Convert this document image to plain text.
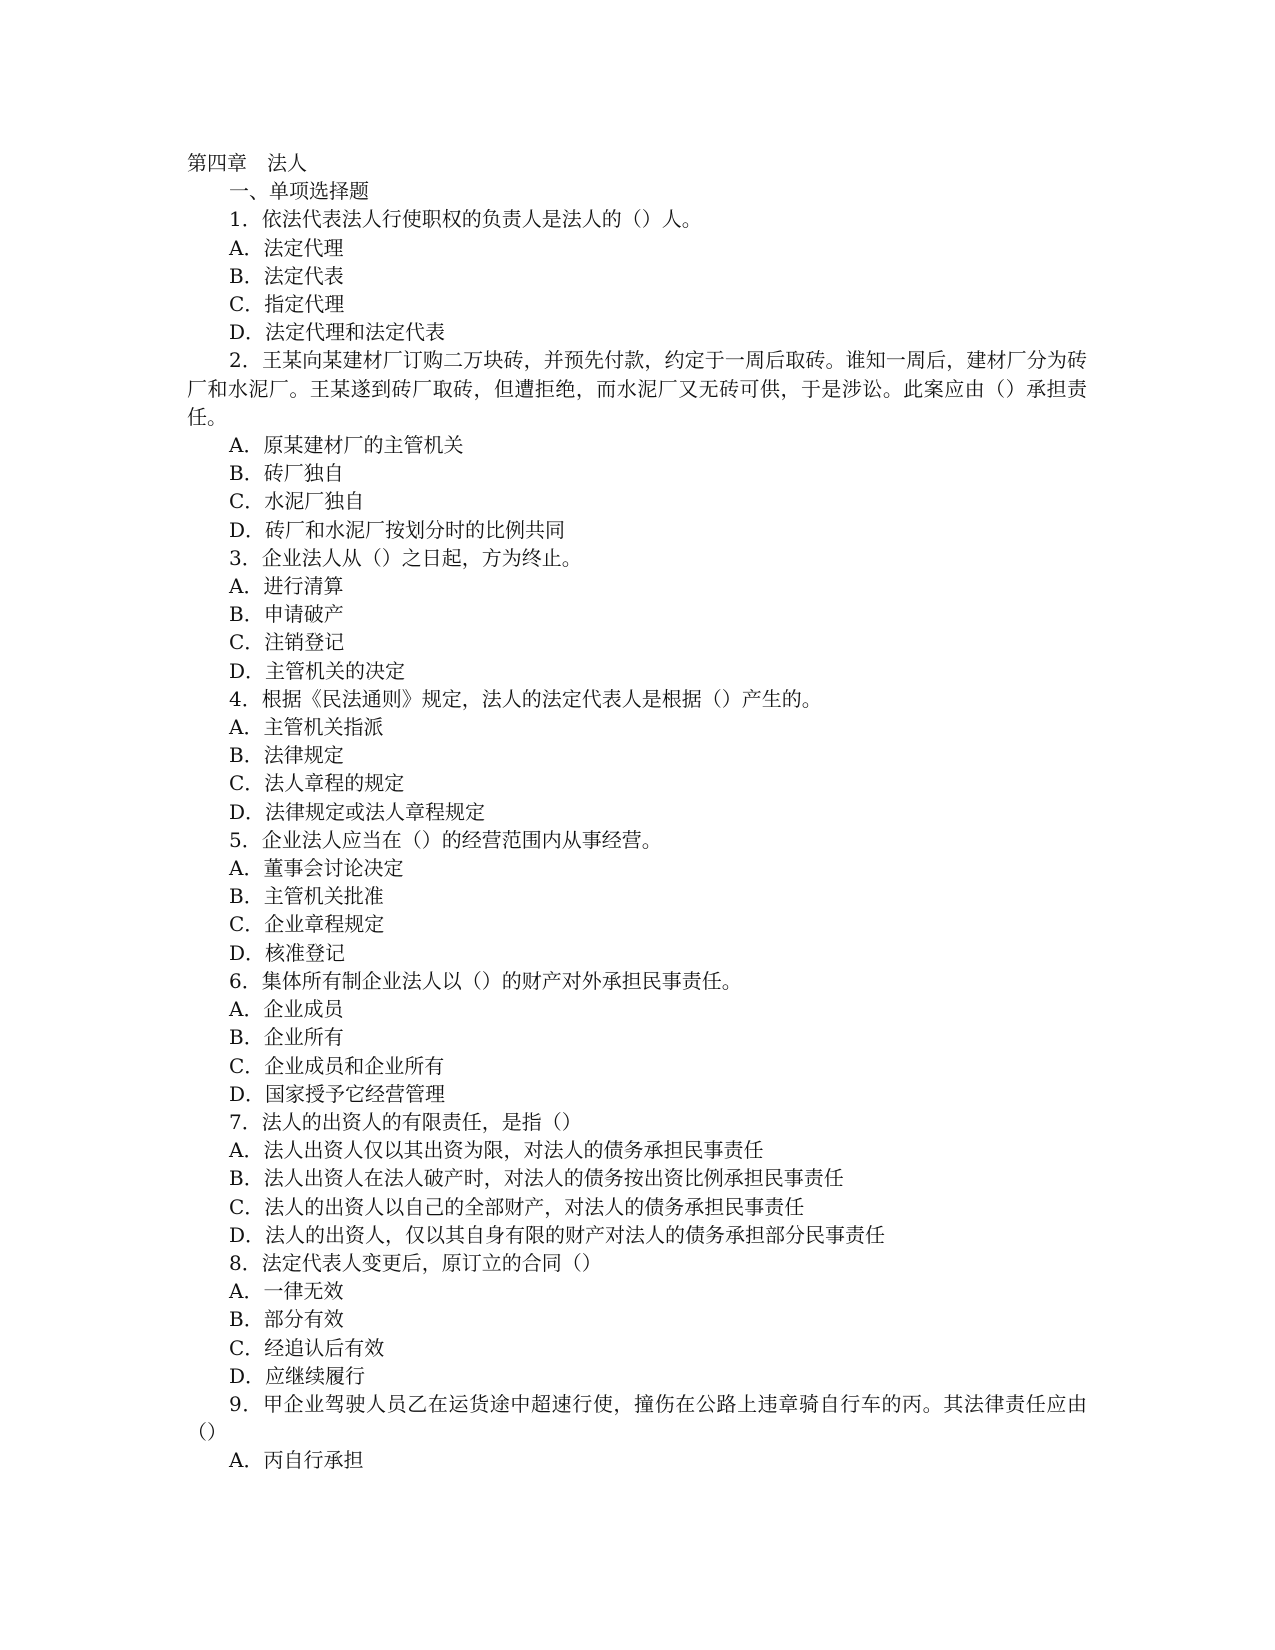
第四章　法人

一、单项选择题

1．依法代表法人行使职权的负责人是法人的（）人。

A．法定代理

B．法定代表

C．指定代理

D．法定代理和法定代表

2．王某向某建材厂订购二万块砖，并预先付款，约定于一周后取砖。谁知一周后，建材厂分为砖厂和水泥厂。王某遂到砖厂取砖，但遭拒绝，而水泥厂又无砖可供，于是涉讼。此案应由（）承担责任。

A．原某建材厂的主管机关

B．砖厂独自

C．水泥厂独自

D．砖厂和水泥厂按划分时的比例共同

3．企业法人从（）之日起，方为终止。

A．进行清算

B．申请破产

C．注销登记

D．主管机关的决定

4．根据《民法通则》规定，法人的法定代表人是根据（）产生的。

A．主管机关指派

B．法律规定

C．法人章程的规定

D．法律规定或法人章程规定

5．企业法人应当在（）的经营范围内从事经营。

A．董事会讨论决定

B．主管机关批准

C．企业章程规定

D．核准登记

6．集体所有制企业法人以（）的财产对外承担民事责任。

A．企业成员

B．企业所有

C．企业成员和企业所有

D．国家授予它经营管理

7．法人的出资人的有限责任，是指（）

A．法人出资人仅以其出资为限，对法人的债务承担民事责任

B．法人出资人在法人破产时，对法人的债务按出资比例承担民事责任

C．法人的出资人以自己的全部财产，对法人的债务承担民事责任

D．法人的出资人，仅以其自身有限的财产对法人的债务承担部分民事责任

8．法定代表人变更后，原订立的合同（）

A．一律无效

B．部分有效

C．经追认后有效

D．应继续履行

9．甲企业驾驶人员乙在运货途中超速行使，撞伤在公路上违章骑自行车的丙。其法律责任应由（）

A．丙自行承担
